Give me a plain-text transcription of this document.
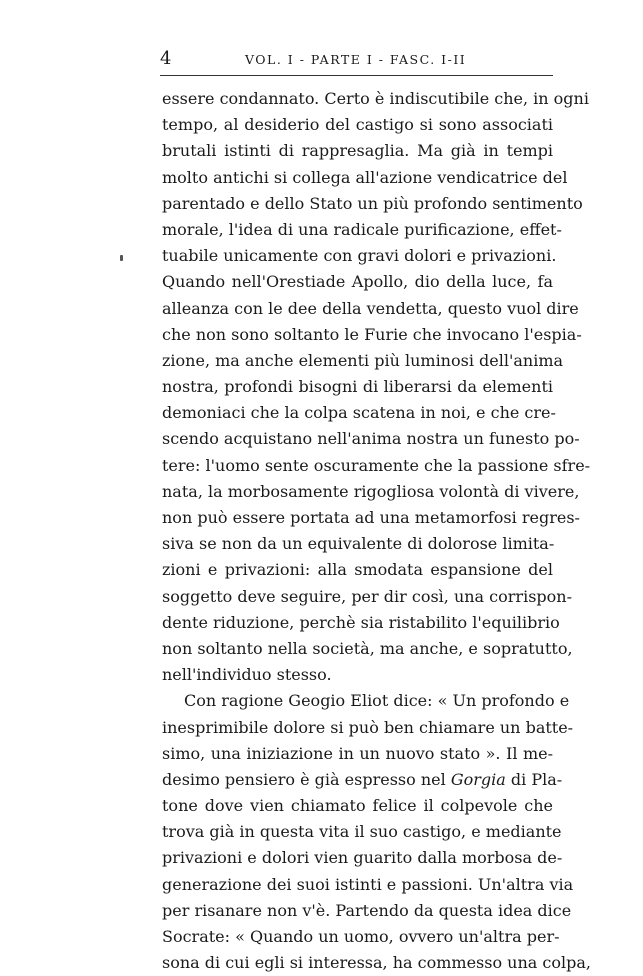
4	VOL. I - PARTE I - FASC. I-II
essere condannato. Certo è indiscutibile che, in ogni
tempo, al desiderio del castigo si sono associati
brutali istinti di rappresaglia. Ma già in tempi
molto antichi si collega all'azione vendicatrice del
parentado e dello Stato un più profondo sentimento
morale, l'idea di una radicale purificazione, effet-
tuabile unicamente con gravi dolori e privazioni.
Quando nell'Orestiade Apollo, dio della luce, fa
alleanza con le dee della vendetta, questo vuol dire
che non sono soltanto le Furie che invocano l'espia-
zione, ma anche elementi più luminosi dell'anima
nostra, profondi bisogni di liberarsi da elementi
demoniaci che la colpa scatena in noi, e che cre-
scendo acquistano nell'anima nostra un funesto po-
tere: l'uomo sente oscuramente che la passione sfre-
nata, la morbosamente rigogliosa volontà di vivere,
non può essere portata ad una metamorfosi regres-
siva se non da un equivalente di dolorose limita-
zioni e privazioni: alla smodata espansione del
soggetto deve seguire, per dir così, una corrispon-
dente riduzione, perchè sia ristabilito l'equilibrio
non soltanto nella società, ma anche, e sopratutto,
nell'individuo stesso.
Con ragione Geogio Eliot dice: « Un profondo e
inesprimibile dolore si può ben chiamare un batte-
simo, una iniziazione in un nuovo stato ». Il me-
desimo pensiero è già espresso nel Gorgia di Pla-
tone dove vien chiamato felice il colpevole che
trova già in questa vita il suo castigo, e mediante
privazioni e dolori vien guarito dalla morbosa de-
generazione dei suoi istinti e passioni. Un'altra via
per risanare non v'è. Partendo da questa idea dice
Socrate: « Quando un uomo, ovvero un'altra per-
sona di cui egli si interessa, ha commesso una colpa,
